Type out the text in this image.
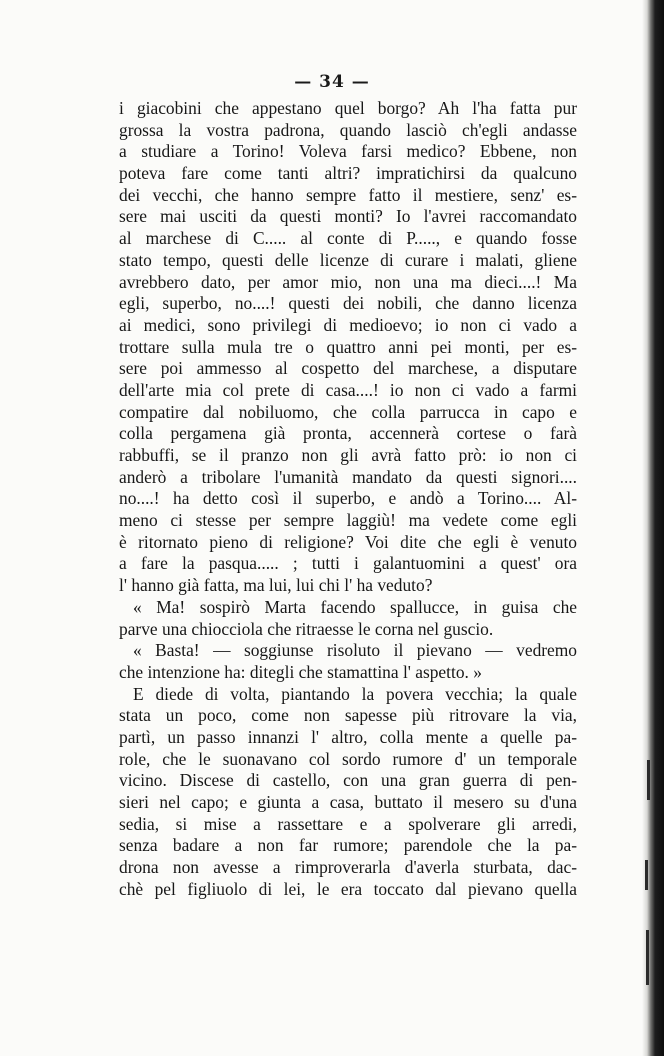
— 34 —
i giacobini che appestano quel borgo? Ah l'ha fatta pur
grossa la vostra padrona, quando lasciò ch'egli andasse
a studiare a Torino! Voleva farsi medico? Ebbene, non
poteva fare come tanti altri? impratichirsi da qualcuno
dei vecchi, che hanno sempre fatto il mestiere, senz' es-
sere mai usciti da questi monti? Io l'avrei raccomandato
al marchese di C..... al conte di P....., e quando fosse
stato tempo, questi delle licenze di curare i malati, gliene
avrebbero dato, per amor mio, non una ma dieci....! Ma
egli, superbo, no....! questi dei nobili, che danno licenza
ai medici, sono privilegi di medioevo; io non ci vado a
trottare sulla mula tre o quattro anni pei monti, per es-
sere poi ammesso al cospetto del marchese, a disputare
dell'arte mia col prete di casa....! io non ci vado a farmi
compatire dal nobiluomo, che colla parrucca in capo e
colla pergamena già pronta, accennerà cortese o farà
rabbuffi, se il pranzo non gli avrà fatto prò: io non ci
anderò a tribolare l'umanità mandato da questi signori....
no....! ha detto così il superbo, e andò a Torino.... Al-
meno ci stesse per sempre laggiù! ma vedete come egli
è ritornato pieno di religione? Voi dite che egli è venuto
a fare la pasqua..... ; tutti i galantuomini a quest' ora
l' hanno già fatta, ma lui, lui chi l' ha veduto?
« Ma! sospirò Marta facendo spallucce, in guisa che
parve una chiocciola che ritraesse le corna nel guscio.
« Basta! — soggiunse risoluto il pievano — vedremo
che intenzione ha: ditegli che stamattina l' aspetto. »
E diede di volta, piantando la povera vecchia; la quale
stata un poco, come non sapesse più ritrovare la via,
partì, un passo innanzi l' altro, colla mente a quelle pa-
role, che le suonavano col sordo rumore d' un temporale
vicino. Discese di castello, con una gran guerra di pen-
sieri nel capo; e giunta a casa, buttato il mesero su d'una
sedia, si mise a rassettare e a spolverare gli arredi,
senza badare a non far rumore; parendole che la pa-
drona non avesse a rimproverarla d'averla sturbata, dac-
chè pel figliuolo di lei, le era toccato dal pievano quella
